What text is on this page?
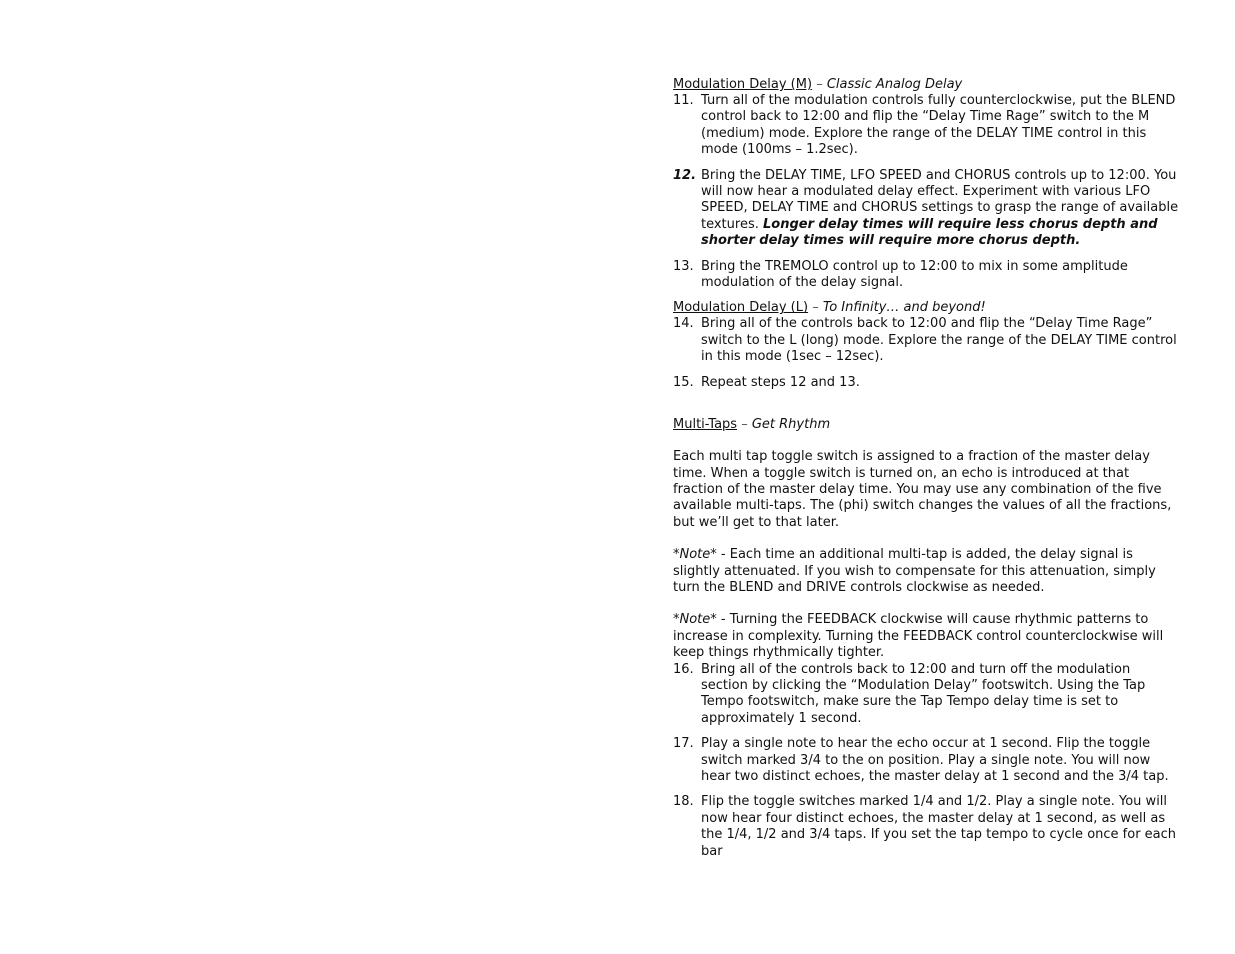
Modulation Delay (M) – Classic Analog Delay
11. Turn all of the modulation controls fully counterclockwise, put the BLEND control back to 12:00 and flip the “Delay Time Rage” switch to the M (medium) mode. Explore the range of the DELAY TIME control in this mode (100ms – 1.2sec).
12. Bring the DELAY TIME, LFO SPEED and CHORUS controls up to 12:00. You will now hear a modulated delay effect. Experiment with various LFO SPEED, DELAY TIME and CHORUS settings to grasp the range of available textures. Longer delay times will require less chorus depth and shorter delay times will require more chorus depth.
13. Bring the TREMOLO control up to 12:00 to mix in some amplitude modulation of the delay signal.
Modulation Delay (L) – To Infinity… and beyond!
14. Bring all of the controls back to 12:00 and flip the “Delay Time Rage” switch to the L (long) mode. Explore the range of the DELAY TIME control in this mode (1sec – 12sec).
15. Repeat steps 12 and 13.
Multi-Taps – Get Rhythm

Each multi tap toggle switch is assigned to a fraction of the master delay time. When a toggle switch is turned on, an echo is introduced at that fraction of the master delay time. You may use any combination of the five available multi-taps. The (phi) switch changes the values of all the fractions, but we’ll get to that later.

*Note* - Each time an additional multi-tap is added, the delay signal is slightly attenuated. If you wish to compensate for this attenuation, simply turn the BLEND and DRIVE controls clockwise as needed.

*Note* - Turning the FEEDBACK clockwise will cause rhythmic patterns to increase in complexity. Turning the FEEDBACK control counterclockwise will keep things rhythmically tighter.

16. Bring all of the controls back to 12:00 and turn off the modulation section by clicking the “Modulation Delay” footswitch. Using the Tap Tempo footswitch, make sure the Tap Tempo delay time is set to approximately 1 second.
17. Play a single note to hear the echo occur at 1 second. Flip the toggle switch marked 3/4 to the on position. Play a single note. You will now hear two distinct echoes, the master delay at 1 second and the 3/4 tap.
18. Flip the toggle switches marked 1/4 and 1/2. Play a single note. You will now hear four distinct echoes, the master delay at 1 second, as well as the 1/4, 1/2 and 3/4 taps. If you set the tap tempo to cycle once for each bar
